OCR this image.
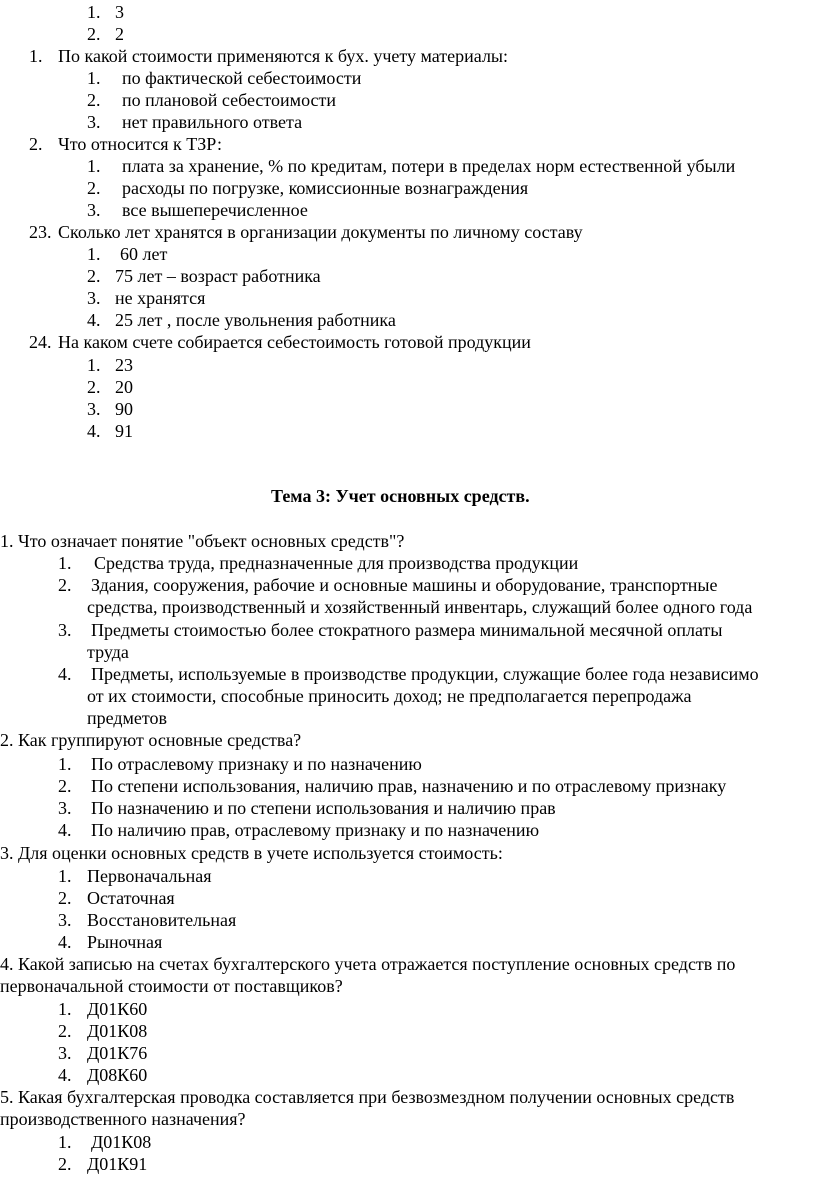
1. 3
2. 2
1. По какой стоимости применяются к бух. учету материалы:
1. по фактической себестоимости
2. по плановой себестоимости
3. нет правильного ответа
2. Что относится к ТЗР:
1. плата за хранение, % по кредитам, потери в пределах норм естественной убыли
2. расходы по погрузке, комиссионные вознаграждения
3. все вышеперечисленное
23. Сколько лет хранятся в организации документы по личному составу
1. 60 лет
2. 75 лет – возраст работника
3. не хранятся
4. 25 лет , после увольнения работника
24. На каком счете собирается себестоимость готовой продукции
1. 23
2. 20
3. 90
4. 91
Тема 3: Учет основных средств.
1. Что означает понятие "объект основных средств"?
1. Средства труда, предназначенные для производства продукции
2. Здания, сооружения, рабочие и основные машины и оборудование, транспортные
средства, производственный и хозяйственный инвентарь, служащий более одного года
3. Предметы стоимостью более стократного размера минимальной месячной оплаты
труда
4. Предметы, используемые в производстве продукции, служащие более года независимо
от их стоимости, способные приносить доход; не предполагается перепродажа
предметов
2. Как группируют основные средства?
1. По отраслевому признаку и по назначению
2. По степени использования, наличию прав, назначению и по отраслевому признаку
3. По назначению и по степени использования и наличию прав
4. По наличию прав, отраслевому признаку и по назначению
3. Для оценки основных средств в учете используется стоимость:
1. Первоначальная
2. Остаточная
3. Восстановительная
4. Рыночная
4. Какой записью на счетах бухгалтерского учета отражается поступление основных средств по
первоначальной стоимости от поставщиков?
1. Д01К60
2. Д01К08
3. Д01К76
4. Д08К60
5. Какая бухгалтерская проводка составляется при безвозмездном получении основных средств
производственного назначения?
1. Д01К08
2. Д01К91
